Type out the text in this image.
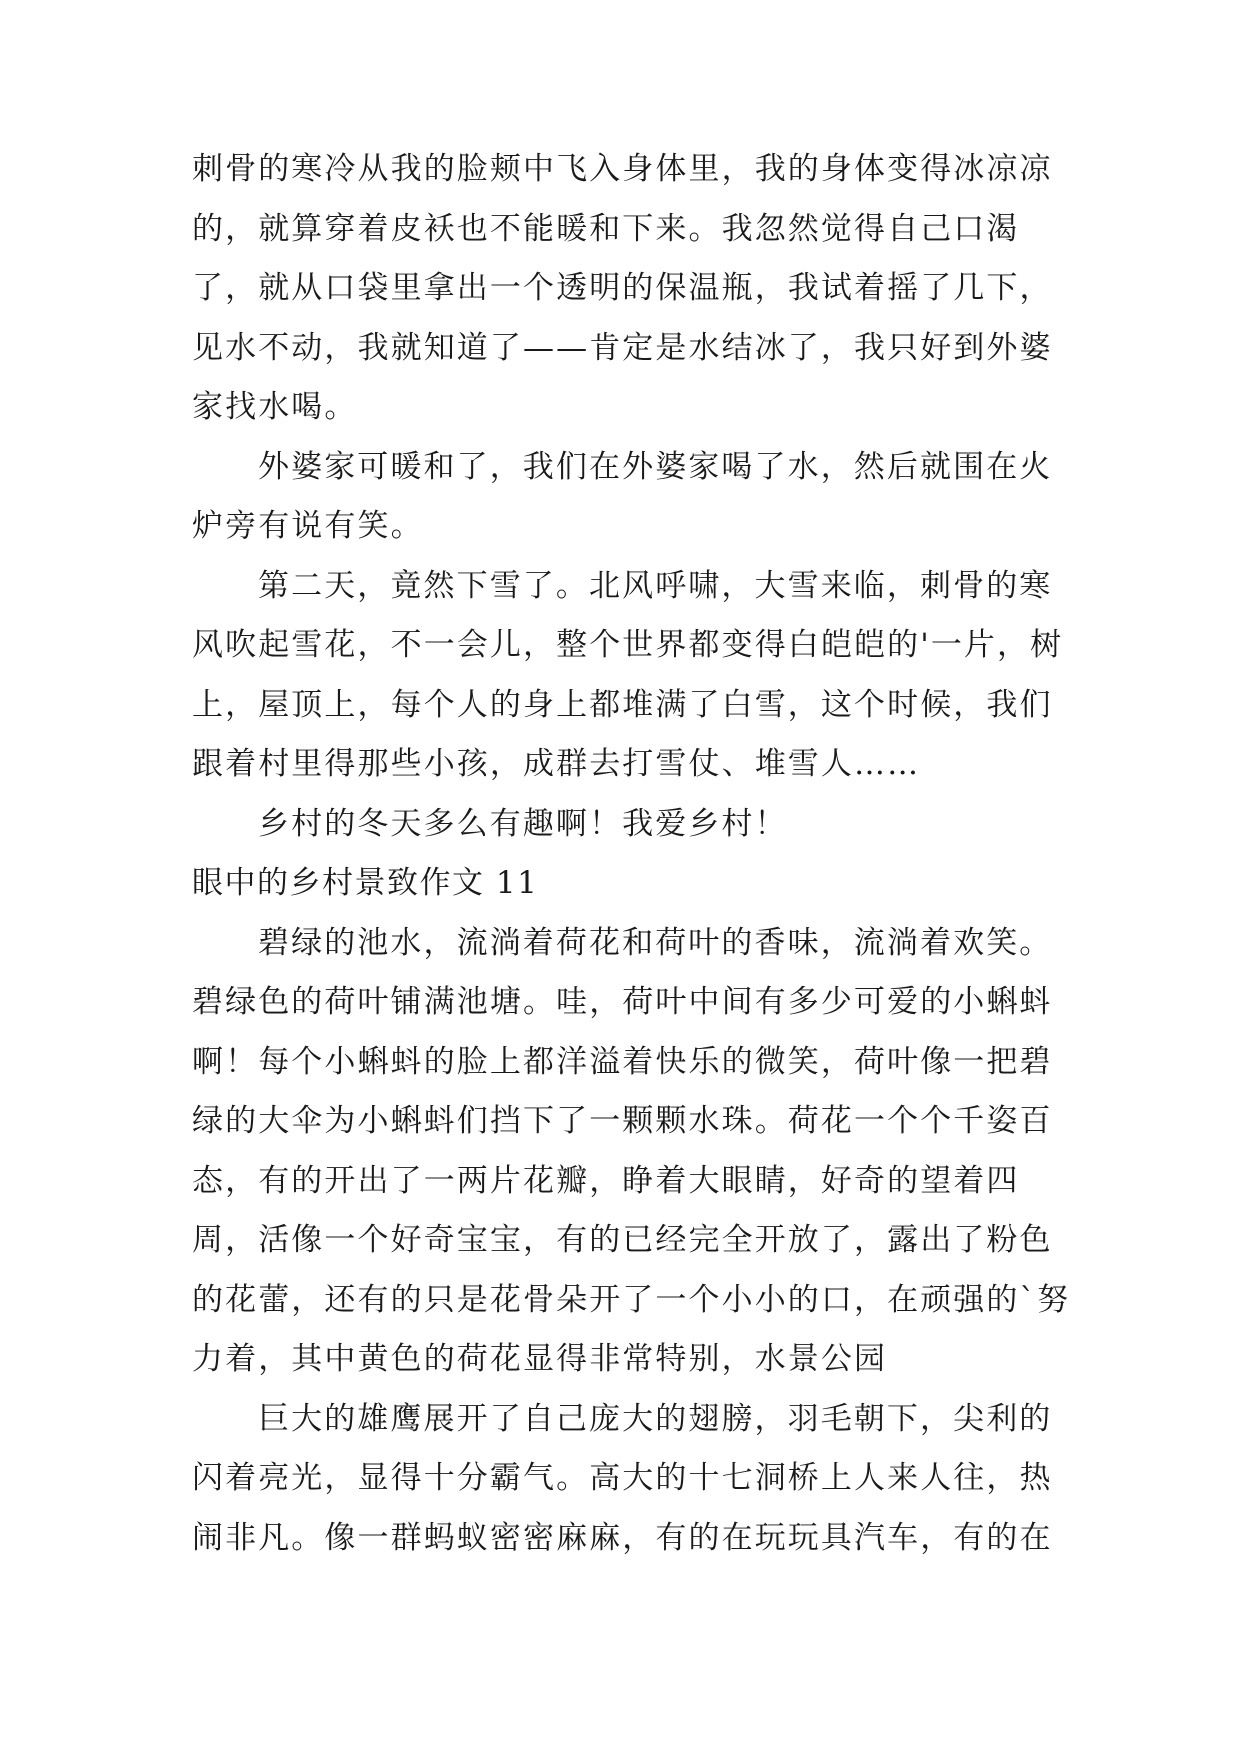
刺骨的寒冷从我的脸颊中飞入身体里，我的身体变得冰凉凉的，就算穿着皮袄也不能暖和下来。我忽然觉得自己口渴了，就从口袋里拿出一个透明的保温瓶，我试着摇了几下，见水不动，我就知道了——肯定是水结冰了，我只好到外婆家找水喝。

外婆家可暖和了，我们在外婆家喝了水，然后就围在火炉旁有说有笑。

第二天，竟然下雪了。北风呼啸，大雪来临，刺骨的寒风吹起雪花，不一会儿，整个世界都变得白皑皑的'一片，树上，屋顶上，每个人的身上都堆满了白雪，这个时候，我们跟着村里得那些小孩，成群去打雪仗、堆雪人……

乡村的冬天多么有趣啊！我爱乡村！

眼中的乡村景致作文 11

碧绿的池水，流淌着荷花和荷叶的香味，流淌着欢笑。碧绿色的荷叶铺满池塘。哇，荷叶中间有多少可爱的小蝌蚪啊！每个小蝌蚪的脸上都洋溢着快乐的微笑，荷叶像一把碧绿的大伞为小蝌蚪们挡下了一颗颗水珠。荷花一个个千姿百态，有的开出了一两片花瓣，睁着大眼睛，好奇的望着四周，活像一个好奇宝宝，有的已经完全开放了，露出了粉色的花蕾，还有的只是花骨朵开了一个小小的口，在顽强的`努力着，其中黄色的荷花显得非常特别，水景公园

巨大的雄鹰展开了自己庞大的翅膀，羽毛朝下，尖利的闪着亮光，显得十分霸气。高大的十七洞桥上人来人往，热闹非凡。像一群蚂蚁密密麻麻，有的在玩玩具汽车，有的在
